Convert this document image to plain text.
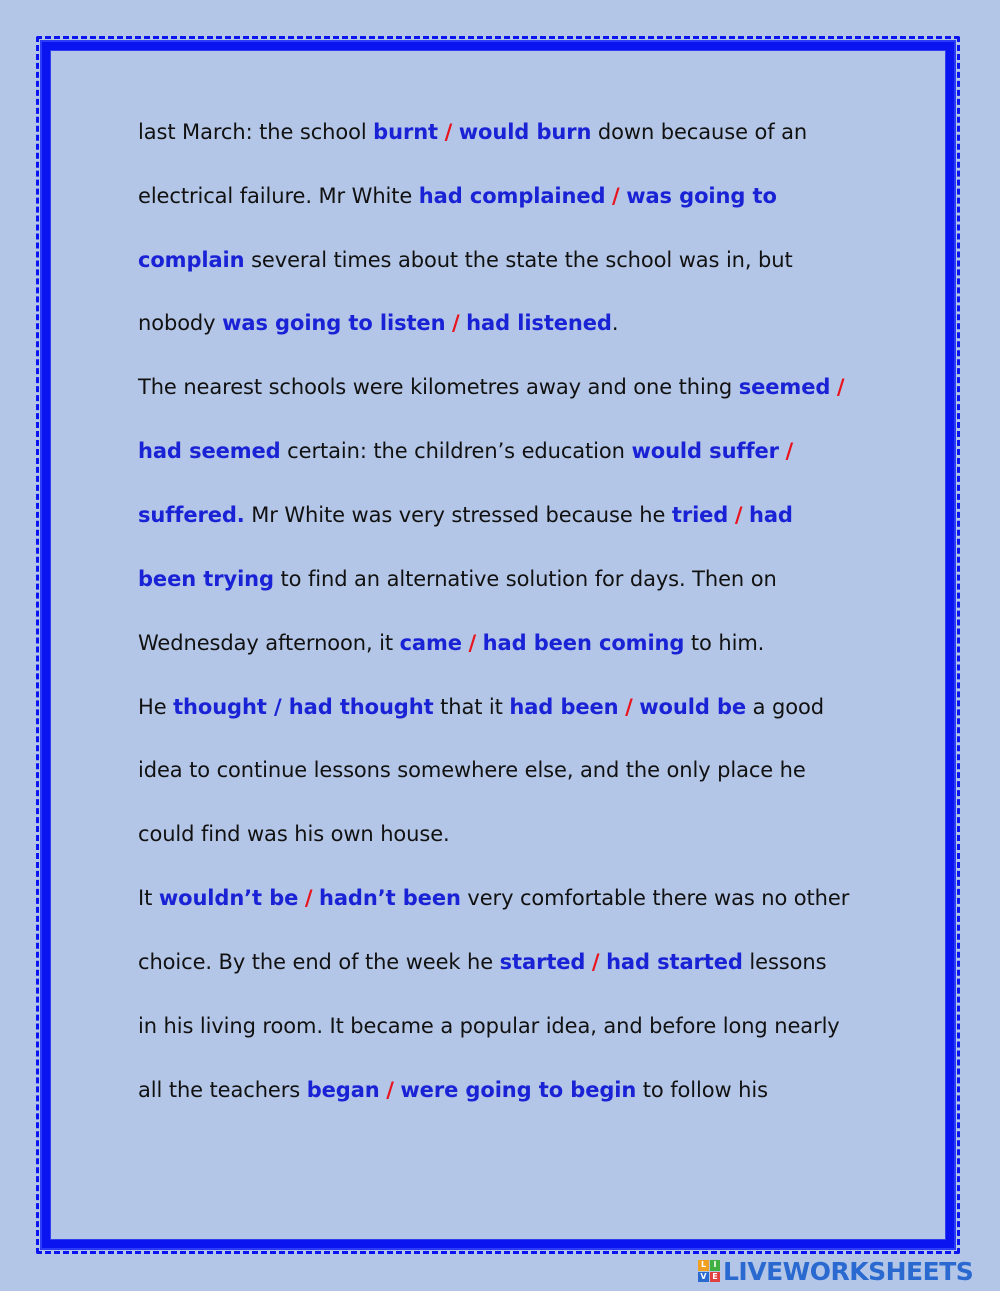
last March: the school burnt / would burn down because of an
electrical failure. Mr White had complained / was going to
complain several times about the state the school was in, but
nobody was going to listen / had listened.
The nearest schools were kilometres away and one thing seemed /
had seemed certain: the children’s education would suffer /
suffered. Mr White was very stressed because he tried / had
been trying to find an alternative solution for days. Then on
Wednesday afternoon, it came / had been coming to him.
He thought / had thought that it had been / would be a good
idea to continue lessons somewhere else, and the only place he
could find was his own house.
It wouldn’t be / hadn’t been very comfortable there was no other
choice. By the end of the week he started / had started lessons
in his living room. It became a popular idea, and before long nearly
all the teachers began / were going to begin to follow his
L I
V E LIVEWORKSHEETS
